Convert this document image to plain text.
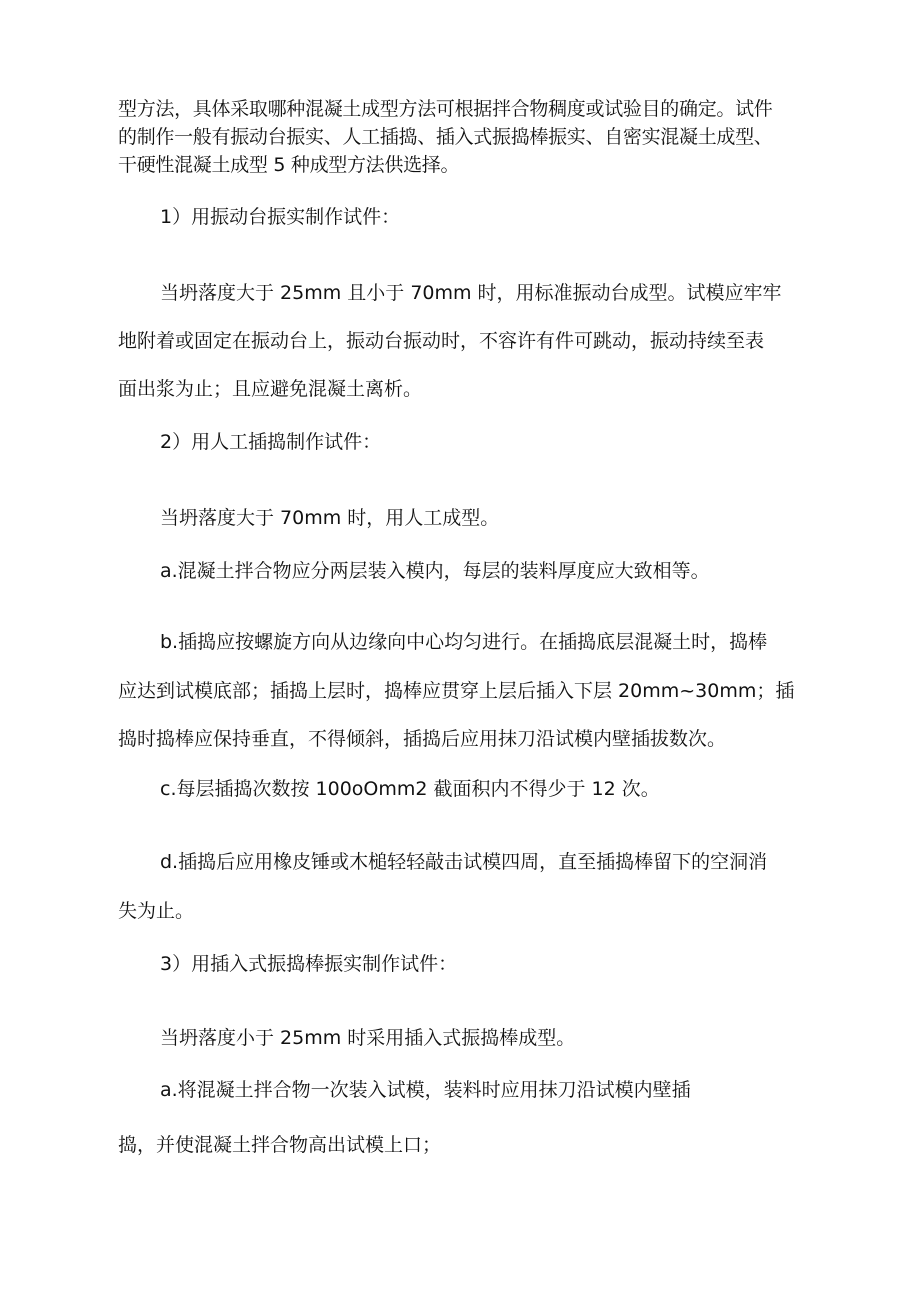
型方法，具体采取哪种混凝土成型方法可根据拌合物稠度或试验目的确定。试件
的制作一般有振动台振实、人工插捣、插入式振捣棒振实、自密实混凝土成型、
干硬性混凝土成型 5 种成型方法供选择。
1）用振动台振实制作试件：
当坍落度大于 25mm 且小于 70mm 时，用标准振动台成型。试模应牢牢
地附着或固定在振动台上，振动台振动时，不容许有件可跳动，振动持续至表
面出浆为止；且应避免混凝土离析。
2）用人工插捣制作试件：
当坍落度大于 70mm 时，用人工成型。
a.混凝土拌合物应分两层装入模内，每层的装料厚度应大致相等。
b.插捣应按螺旋方向从边缘向中心均匀进行。在插捣底层混凝土时，捣棒
应达到试模底部；插捣上层时，捣棒应贯穿上层后插入下层 20mm~30mm；插
捣时捣棒应保持垂直，不得倾斜，插捣后应用抹刀沿试模内壁插拔数次。
c.每层插捣次数按 100oOmm2 截面积内不得少于 12 次。
d.插捣后应用橡皮锤或木槌轻轻敲击试模四周，直至插捣棒留下的空洞消
失为止。
3）用插入式振捣棒振实制作试件：
当坍落度小于 25mm 时采用插入式振捣棒成型。
a.将混凝土拌合物一次装入试模，装料时应用抹刀沿试模内壁插
捣，并使混凝土拌合物高出试模上口；
